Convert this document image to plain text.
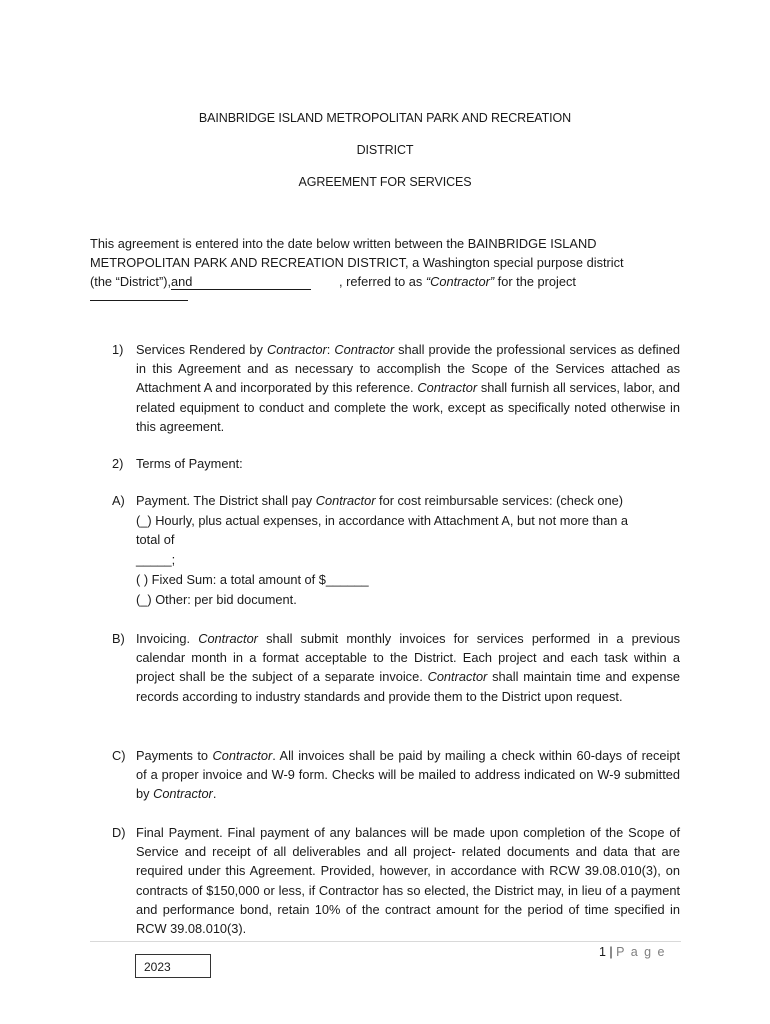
BAINBRIDGE ISLAND METROPOLITAN PARK AND RECREATION
DISTRICT
AGREEMENT FOR SERVICES
This agreement is entered into the date below written between the BAINBRIDGE ISLAND
METROPOLITAN PARK AND RECREATION DISTRICT, a Washington special purpose district
(the “District”),and	, referred to as “Contractor” for the project
1) Services Rendered by Contractor: Contractor shall provide the professional services as defined in this Agreement and as necessary to accomplish the Scope of the Services attached as Attachment A and incorporated by this reference. Contractor shall furnish all services, labor, and related equipment to conduct and complete the work, except as specifically noted otherwise in this agreement.
2) Terms of Payment:
A) Payment. The District shall pay Contractor for cost reimbursable services: (check one)
(_) Hourly, plus actual expenses, in accordance with Attachment A, but not more than a
total of
_____;
( ) Fixed Sum: a total amount of $______
(_) Other: per bid document.
B) Invoicing. Contractor shall submit monthly invoices for services performed in a previous calendar month in a format acceptable to the District. Each project and each task within a project shall be the subject of a separate invoice. Contractor shall maintain time and expense records according to industry standards and provide them to the District upon request.
C) Payments to Contractor. All invoices shall be paid by mailing a check within 60-days of receipt of a proper invoice and W-9 form. Checks will be mailed to address indicated on W-9 submitted by Contractor.
D) Final Payment. Final payment of any balances will be made upon completion of the Scope of Service and receipt of all deliverables and all project- related documents and data that are required under this Agreement. Provided, however, in accordance with RCW 39.08.010(3), on contracts of $150,000 or less, if Contractor has so elected, the District may, in lieu of a payment and performance bond, retain 10% of the contract amount for the period of time specified in RCW 39.08.010(3).
1 | P a g e
2023
